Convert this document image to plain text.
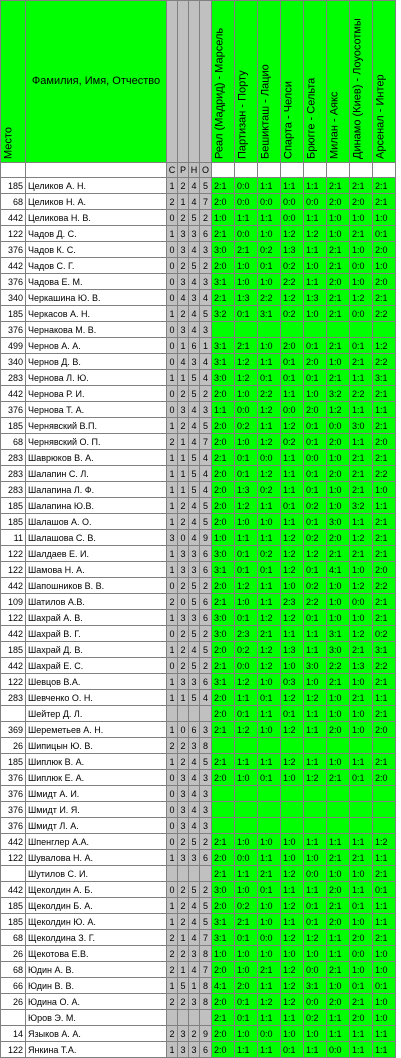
Место	Фамилия, Имя, Отчество					Реал (Мадрид) - Марсель	Партизан - Порту	Бешикташ - Лацио	Спарта - Челси	Брюгге - Сельта	Милан - Аякс	Динамо (Киев) - Лоуосотмы	Арсенал - Интер
		С	Р	Н	О								
185	Целиков А. Н.	1	2	4	5	2:1	0:0	1:1	1:1	1:1	2:1	2:1	2:1
68	Целиков Н. А.	2	1	4	7	2:0	0:0	0:0	0:0	0:0	2:0	2:0	2:1
442	Целикова Н. В.	0	2	5	2	1:0	1:1	1:1	0:0	1:1	1:0	1:0	1:0
122	Чадов Д. С.	1	3	3	6	2:1	0:0	1:0	1:2	1:2	1:0	2:1	0:1
376	Чадов К. С.	0	3	4	3	3:0	2:1	0:2	1:3	1:1	2:1	1:0	2:0
442	Чадов С. Г.	0	2	5	2	2:0	1:0	0:1	0:2	1:0	2:1	0:0	1:0
376	Чадова Е. М.	0	3	4	3	3:1	1:0	1:0	2:2	1:1	2:0	1:0	2:0
340	Черкашина Ю. В.	0	4	3	4	2:1	1:3	2:2	1:2	1:3	2:1	1:2	2:1
185	Черкасов А. Н.	1	2	4	5	3:2	0:1	3:1	0:2	1:0	2:1	0:0	2:2
376	Чернакова М. В.	0	3	4	3								
499	Чернов А. А.	0	1	6	1	3:1	2:1	1:0	2:0	0:1	2:1	0:1	1:2
340	Чернов Д. В.	0	4	3	4	3:1	1:2	1:1	0:1	2:0	1:0	2:1	2:2
283	Чернова Л. Ю.	1	1	5	4	3:0	1:2	0:1	0:1	0:1	2:1	1:1	3:1
442	Чернова Р. И.	0	2	5	2	2:0	1:0	2:2	1:1	1:0	3:2	2:2	2:1
376	Чернова Т. А.	0	3	4	3	1:1	0:0	1:2	0:0	2:0	1:2	1:1	1:1
185	Чернявский В.П.	1	2	4	5	2:0	0:2	1:1	1:2	0:1	0:0	3:0	2:1
68	Чернявский О. П.	2	1	4	7	2:0	1:0	1:2	0:2	0:1	2:0	1:1	2:0
283	Шаврюков В. А.	1	1	5	4	2:1	0:1	0:0	1:1	0:0	1:0	2:1	2:1
283	Шалапин С. Л.	1	1	5	4	2:0	0:1	1:2	1:1	0:1	2:0	2:1	2:2
283	Шалапина Л. Ф.	1	1	5	4	2:0	1:3	0:2	1:1	0:1	1:0	2:1	1:0
185	Шалапина Ю.В.	1	2	4	5	2:0	1:2	1:1	0:1	0:2	1:0	3:2	1:1
185	Шалашов А. О.	1	2	4	5	2:0	1:0	1:0	1:1	0:1	3:0	1:1	2:1
11	Шалашова С. В.	3	0	4	9	1:0	1:1	1:1	1:2	0:2	2:0	1:2	2:1
122	Шалдаев Е. И.	1	3	3	6	3:0	0:1	0:2	1:2	1:2	2:1	2:1	2:1
122	Шамова Н. А.	1	3	3	6	3:1	0:1	0:1	1:2	0:1	4:1	1:0	2:0
442	Шапошников В. В.	0	2	5	2	2:0	1:2	1:1	1:0	0:2	1:0	1:2	2:2
109	Шатилов А.В.	2	0	5	6	2:1	1:0	1:1	2:3	2:2	1:0	0:0	2:1
122	Шахрай А. В.	1	3	3	6	3:0	0:1	1:2	1:2	0:1	1:0	1:0	2:1
442	Шахрай В. Г.	0	2	5	2	3:0	2:3	2:1	1:1	1:1	3:1	1:2	0:2
185	Шахрай Д. В.	1	2	4	5	2:0	0:2	1:2	1:3	1:1	3:0	2:1	3:1
442	Шахрай Е. С.	0	2	5	2	2:1	0:0	1:2	1:0	3:0	2:2	1:3	2:2
122	Шевцов В.А.	1	3	3	6	3:1	1:2	1:0	0:3	1:0	2:1	1:0	2:1
283	Шевченко О. Н.	1	1	5	4	2:0	1:1	0:1	1:2	1:2	1:0	2:1	1:1
	Шейтер Д. Л.					2:0	0:1	1:1	0:1	1:1	1:0	1:0	2:1
369	Шереметьев А. Н.	1	0	6	3	2:1	1:2	1:0	1:2	1:1	2:0	1:0	2:0
26	Шипицын Ю. В.	2	2	3	8								
185	Шиплюк В. А.	1	2	4	5	2:1	1:1	1:1	1:2	1:1	1:0	1:1	2:1
376	Шиплюк Е. А.	0	3	4	3	2:0	1:0	0:1	1:0	1:2	2:1	0:1	2:0
376	Шмидт А. И.	0	3	4	3								
376	Шмидт И. Я.	0	3	4	3								
376	Шмидт Л. А.	0	3	4	3								
442	Шпенглер А.А.	0	2	5	2	2:1	1:0	1:0	1:0	1:1	1:1	1:1	1:2
122	Шувалова Н. А.	1	3	3	6	2:0	0:0	1:1	1:0	1:0	2:1	2:1	1:1
	Шутилов С. И.					2:1	1:1	2:1	1:2	0:0	1:0	1:0	2:1
442	Щеколдин А. Б.	0	2	5	2	3:0	1:0	0:1	1:1	1:1	2:0	1:1	0:1
185	Щеколдин Б. А.	1	2	4	5	2:0	0:2	1:0	1:2	0:1	2:1	0:1	1:1
185	Щеколдин Ю. А.	1	2	4	5	3:1	2:1	1:0	1:1	0:1	2:0	1:0	1:1
68	Щеколдина З. Г.	2	1	4	7	3:1	0:1	0:0	1:2	1:2	1:1	2:0	2:1
26	Щекотова Е.В.	2	2	3	8	1:0	1:0	1:0	1:0	1:0	1:1	0:0	1:0
68	Юдин А. В.	2	1	4	7	2:0	1:0	2:1	1:2	0:0	2:1	1:0	1:0
66	Юдин В. В.	1	5	1	8	4:1	2:0	1:1	1:2	3:1	1:0	0:1	0:1
26	Юдина О. А.	2	2	3	8	2:0	0:1	1:2	1:2	0:0	2:0	2:1	1:0
	Юров Э. М.					2:1	0:1	1:1	1:1	0:2	1:1	2:0	1:0
14	Языков А. А.	2	3	2	9	2:0	1:0	0:0	1:0	1:0	1:1	1:1	1:1
122	Янкина Т.А.	1	3	3	6	2:0	1:1	1:1	0:1	1:1	0:0	1:1	1:1
